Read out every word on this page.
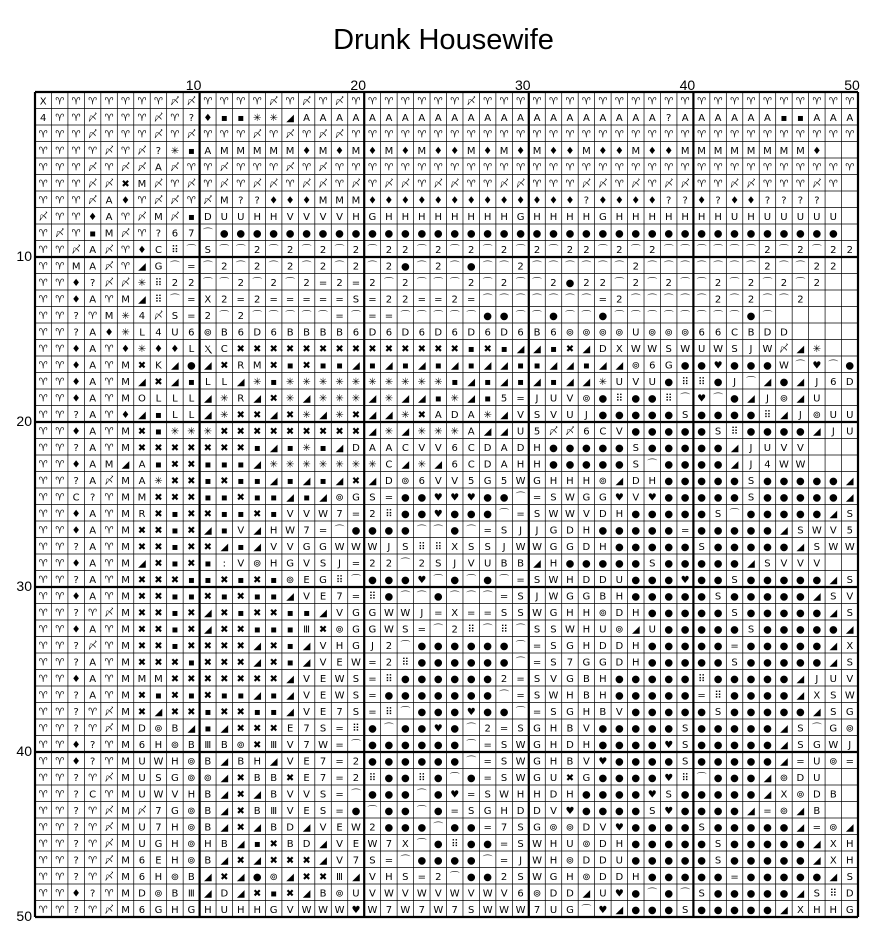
Drunk Housewife
X ♈ ♈ ♈ ♈ ♈ ♈ ♈ 〆 〆 ♈ ♈ ♈ ♈ 〆 ♈ 〆 ♈ 〆 ♈ ♈ ♈ ♈ ♈ ♈ ♈ 〆 ♈ ♈ ♈ ♈ ♈ ♈ ♈ ♈ ♈ ♈ ♈ ♈ ♈ ♈ ♈ ♈ ♈ ♈ ♈ ♈ ♈ ♈ ♈
4 ♈ ♈ 〆 ♈ ♈ ♈ 〆 ♈ ? ♦ ▪ ▪ ✳ ✳ ◢ A A A A A A A A A A A A A A A A A A A A A A ? A A A A A A ▪ ▪ A A A
♈ ♈ ♈ 〆 ♈ ♈ ♈ 〆 ♈ 〆 ♈ ♈ ♈ 〆 ♈ 〆 ♈ 〆 〆 ♈ ♈ ♈ ♈ ♈ ♈ ♈ ♈ ♈ ♈ ♈ ♈ ♈ ♈ ♈ ♈ ♈ ♈ ♈ ♈ ♈ ♈ ♈ ♈ ♈ ♈ ♈ ♈ ♈ ♈ ♈
♈ ♈ ♈ ♈ 〆 ♈ 〆 ? ✳ ▪ A M M M M M ♦ M ♦ M ♦ M ♦ M ♦ ♦ M ♦ M ♦ M ♦ ♦ M ♦ ♦ M ♦ ♦ M M M M M M M M ♦
♈ ♈ ♈ 〆 ♈ 〆 〆 A 〆 ♈ ♈ 〆 ♈ ♈ ♈ 〆 ♈ 〆 ♈ ♈ ♈ ♈ ♈ ♈ ♈ ♈ ♈ ♈ ♈ ♈ ♈ ♈ ♈ ♈ ♈ ♈ ♈ ♈ ♈ ♈ ♈ ♈ ♈ ♈ ♈ ♈ ♈ ♈ ♈ ♈
♈ ♈ ♈ 〆 〆 ✖ M 〆 ♈ 〆 ♈ 〆 ♈ 〆 〆 ♈ 〆 〆 ♈ 〆 ♈ 〆 〆 ♈ 〆 〆 ♈ ♈ 〆 〆 ♈ ♈ ♈ 〆 〆 ♈ 〆 ♈ 〆 〆 ♈ ♈ 〆 〆 ♈ ♈ ♈ 〆 ♈
♈ ♈ ♈ 〆 A ♦ ♈ 〆 〆 ♈ 〆 M ? ? ♦ ♦ ♦ M M M ♦ ♦ ♦ ♦ ♦ ♦ ♦ ♦ ♦ ♦ ♦ ♦ ♦ ? ♦ ♦ ♦ ♦ ? ? ♦ ? ♦ ♦ ? ? ? ?
〆 ♈ ♈ ♦ A ♈ 〆 M 〆 ▪ D U U H H V V V V H G H H H H H H H H G H H H H G H H H H H H H U H U U U U U
♈ 〆 ♈ ▪ M 〆 ♈ ? 6 7 ⌒ ● ● ● ● ● ● ● ● ● ● ● ● ● ● ● ● ● ● ● ● ● ● ● ● ● ● ● ● ● ● ● ● ● ● ● ● ● ●
♈ ♈ 〆 A 〆 ♈ ♦ C ⠿ ⌒ S ⌒ ⌒ 2 ⌒ 2 ⌒ 2 ⌒ 2 ⌒ 2 2 ⌒ 2 ⌒ 2 ⌒ 2 ⌒ 2 ⌒ 2 2 ⌒ 2 ⌒ 2 ⌒ ⌒ ⌒ ⌒ ⌒ ⌒ 2 ⌒ 2 ⌒ 2 2
♈ ♈ M A 〆 ♈ ◢ G ⌒ = ⌒ 2 ⌒ 2 ⌒ 2 ⌒ 2 ⌒ 2 ⌒ 2 ● ⌒ 2 ⌒ ● ⌒ ⌒ 2 ⌒ ⌒ ⌒ ⌒ ⌒ ⌒ 2 ⌒ ⌒ ⌒ ⌒ ⌒ ⌒ ⌒ 2 ⌒ ⌒ 2 2
♈ ♈ ♦ ? 〆 〆 ✳ ⠿ 2 2 ⌒ ⌒ 2 ⌒ 2 ⌒ 2 = 2 = 2 ⌒ 2 ⌒ ⌒ ⌒ 2 ⌒ 2 ⌒ ⌒ 2 ● 2 2 ⌒ 2 ⌒ 2 ⌒ ⌒ 2 ⌒ 2 ⌒ 2 ⌒ 2
♈ ♈ ♦ A ♈ M ◢ ⠿ ⌒ = X 2 = 2 = = = = = S = 2 2 = = 2 = ⌒ ⌒ ⌒ ⌒ ⌒ ⌒ ⌒ = 2 ⌒ ⌒ ⌒ ⌒ ⌒ 2 ⌒ 2 ⌒ ⌒ 2
♈ ♈ ? ♈ M ✳ 4 〆 S = 2 ⌒ 2 ⌒ ⌒ ⌒ ⌒ ⌒ = ⌒ = = ⌒ ⌒ ⌒ ⌒ ⌒ ● ● ⌒ ⌒ ● ⌒ ⌒ ● ⌒ ⌒ ⌒ ⌒ ⌒ ⌒ ⌒ ⌒ ● ⌒
♈ ♈ ? A ♦ ✳ L 4 U 6 ⊚ B 6 D 6 B B B B 6 D 6 D 6 D 6 D 6 D 6 B 6 ⊚ ⊚ ⊚ ⊚ U ⊚ ⊚ ⊚ 6 6 C B D D
♈ ♈ ♦ A ♈ ♦ ✳ ♦ ♦ L Ⲭ C ✖ ✖ ✖ ✖ ✖ ✖ ✖ ✖ ✖ ✖ ✖ ✖ ✖ ✖ ▪ ✖ ▪ ◢ ◢ ▪ ✖ ◢ D X W W S W U W S J W 〆 ◢ ✳
♈ ♈ ♦ A ♈ M ✖ K ◢ ● ◢ ✖ R M ✖ ▪ ✖ ▪ ▪ ◢ ▪ ◢ ▪ ◢ ▪ ◢ ▪ ◢ ◢ ▪ ▪ ◢ ◢ ▪ ◢ ◢ ⊚ 6 G ● ● ♥ ● ● ● W ⌒ ♥ ⌒ ●
♈ ♈ ♦ A ♈ M ◢ ✖ ◢ ▪ L L ◢ ✳ ▪ ✳ ✳ ✳ ✳ ✳ ✳ ✳ ✳ ✳ ✳ ▪ ◢ ▪ ◢ ▪ ◢ ▪ ◢ ◢ ✳ U V U ● ⠿ ⠿ ● J ⌒ ◢ ● ◢ J 6 D
♈ ♈ ♦ A ♈ M O L L L ◢ ✳ R ◢ ✖ ✳ ◢ ✳ ✳ ✳ ◢ ✳ ◢ ◢ ▪ ✳ ◢ ▪ 5 = J U V ⊚ ● ⠿ ● ● ⠿ ⌒ ♥ ⌒ ● ◢ J ⊚ ◢ U
♈ ♈ ? A ♈ ♦ ◢ ▪ L L ◢ ✳ ✖ ✖ ◢ ✖ ✳ ◢ ✳ ✖ ◢ ◢ ✳ ✖ A D A ✳ ◢ V S V U J ● ● ● ● ● S ● ● ● ● ⠿ ◢ J ⊚ U U
♈ ♈ ♦ A ♈ M ✖ ▪ ✳ ✳ ✳ ✖ ✖ ✖ ✖ ✖ ✖ ✖ ✖ ✖ ◢ ✳ ◢ ✳ ✳ ✳ A ◢ ◢ U 5 〆 〆 6 C V ● ● ● ● ● S ⠿ ● ● ● ● ◢ J U
♈ ♈ ? A ♈ M ✖ ✖ ✖ ✖ ✖ ✖ ✖ ▪ ◢ ▪ ✳ ▪ ◢ D A A C V V 6 C D A D H ● ● ● ● ● S ● ● ● ● ● ◢ J U V V
♈ ♈ ♦ A M ◢ A ▪ ✖ ✖ ▪ ▪ ▪ ◢ ✳ ✳ ✳ ✳ ✳ ✳ ✳ C ◢ ✳ ◢ 6 C D A H H ● ● ● ● ● S ⌒ ● ● ● ● ◢ J 4 W W
♈ ♈ ? A 〆 M A ✳ ✖ ✖ ▪ ✖ ▪ ▪ ◢ ▪ ◢ ▪ ◢ ✖ ◢ D ⊚ 6 V V 5 G 5 W G H H H ⊚ ◢ D H ● ● ● ● ● S ● ● ● ● ● ◢
♈ ♈ C ? ♈ M M ✖ ✖ ✖ ▪ ▪ ✖ ▪ ▪ ◢ ▪ ◢ ⊚ G S = ● ● ♥ ♥ ♥ ● ● ⌒ = S W G G ♥ V ♥ ● ● ● ● ● S ● ● ● ● ● ◢
♈ ♈ ♦ A ♈ M R ✖ ▪ ✖ ✖ ▪ ▪ ✖ ▪ V V W 7 = 2 ⠿ ● ● ♥ ● ● ● ⌒ = S W W V D H ● ● ● ● ● S ⌒ ● ● ● ● ● ◢ S
♈ ♈ ♦ A ♈ M ✖ ✖ ▪ ✖ ◢ ▪ V ◢ H W 7 = ⌒ ● ● ● ● ⌒ ⌒ ● ⌒ = S J J G D H ● ● ● ● ● = ● ● ● ● ● ◢ S W V 5
♈ ♈ ? A ♈ M ✖ ✖ ▪ ✖ ✖ ◢ ▪ ◢ V V G G W W W J S ⠿ ⠿ X S S J W W G G D H ● ● ● ● ● S ● ● ● ● ● ◢ S W W
♈ ♈ ♦ A ♈ M ◢ ✖ ▪ ✖ ▪ : V ⊚ H G V S J = 2 2 ⌒ 2 S J V U B B ◢ H ● ● ● ● ● S ● ● ● ● ● ◢ S V V V
♈ ♈ ? A ♈ M ✖ ✖ ✖ ▪ ▪ ✖ ▪ ✖ ▪ ⊚ E G ⠿ ⌒ ● ● ● ♥ ⌒ ● ⌒ ● ⌒ = S W H D D U ● ● ● ♥ ● ● S ● ● ● ● ● ◢ S
♈ ♈ ♦ A ♈ M ✖ ✖ ▪ ▪ ✖ ▪ ✖ ▪ ▪ ◢ V E 7 = ⠿ ● ⌒ ⌒ ● ⌒ ⌒ ⌒ = S J W G G B H ● ● ● ● ● S ● ● ● ● ● ◢ S V
♈ ♈ ? ♈ 〆 M ✖ ✖ ▪ ✖ ◢ ✖ ▪ ✖ ✖ ▪ ▪ ◢ V G G W W J = X = = S S W G H H ⊚ D H ● ● ● ● ● S ● ● ● ● ● ◢ S
♈ ♈ ♦ A ♈ M ✖ ✖ ▪ ✖ ◢ ✖ ✖ ▪ ▪ ▪ Ⅲ ✖ ⊚ G G W S = ⌒ 2 ⠿ ⌒ ⠿ ⌒ S S W H U ⊚ ◢ U ● ● ● ● ● S ● ● ● ● ● ◢
♈ ♈ ? 〆 ♈ M ✖ ✖ ▪ ✖ ✖ ✖ ✖ ◢ ✖ ▪ ◢ V H G J 2 ⌒ ● ● ● ● ● ● ⌒ = S G H D D H ● ● ● ● ● = ● ● ● ● ● ◢ X
♈ ♈ ? A ♈ M ✖ ✖ ✖ ▪ ✖ ✖ ✖ ◢ ✖ ▪ ◢ V E W = 2 ⠿ ● ● ● ● ● ● ⌒ = S 7 G G D H ● ● ● ● ● S ● ● ● ● ● ◢ S
♈ ♈ ♦ A ♈ M M M ✖ ✖ ✖ ✖ ✖ ✖ ✖ ◢ V E W S = ⠿ ● ● ● ● ● ● 2 = S V G B H ● ● ● ● ● ⠿ ● ● ● ● ● ◢ J U V
♈ ♈ ? A ♈ M ✖ ▪ ✖ ▪ ✖ ▪ ▪ ◢ ▪ ◢ V E W S = ● ● ● ● ● ● ● ⌒ = S W H B H ● ● ● ● ● = ⠿ ● ● ● ● ◢ X S W
♈ ♈ ? ♈ 〆 M ✖ ◢ ✖ ✖ ▪ ✖ ✖ ▪ ▪ ◢ V E 7 S = ⠿ ⌒ ● ● ● ♥ ● ● ⌒ = S G H B V ● ● ● ● ● S ● ● ● ● ● ◢ S G
♈ ♈ ? ♈ 〆 M D ⊚ B ◢ ▪ ◢ ✖ ✖ ✖ E 7 S = ⠿ ● ⌒ ● ● ♥ ● ⌒ 2 = S G H B V ● ● ● ● ● S ● ● ● ● ● ◢ S ⌒ G ⊚
♈ ♈ ♦ ? ♈ M 6 H ⊚ B Ⅲ B ⊚ ✖ Ⅲ V 7 W = ⌒ ● ● ● ● ● ● ⌒ = S W G H D H ● ● ● ● ♥ S ● ● ● ● ● ◢ S G W J
♈ ♈ ♦ ? ♈ M U W H ⊚ B ◢ B H ◢ V E 7 = 2 ● ● ● ● ● ● ⌒ = S W G H B V ♥ ● ● ● ● S ● ● ● ● ● ◢ = U ⊚ =
♈ ♈ ? ♈ 〆 M U S G ⊚ ⊚ ◢ ✖ B B ✖ E 7 = 2 ⠿ ● ● ⠿ ● ⌒ ● = S W G U ✖ G ● ● ● ● ♥ ⠿ ⌒ ● ● ● ◢ ⊚ D U
♈ ♈ ? C ♈ M U W V H B ◢ ✖ ◢ B V V S = ⌒ ● ● ● ⌒ ● ♥ = S W H H D H ● ● ● ● ♥ S ● ● ● ● ● ◢ X ⊚ D B
♈ ♈ ? ♈ 〆 M 〆 7 G ⊚ B ◢ ✖ B Ⅲ V E S = ● ⌒ ● ● ⌒ ● = S G H D D V ♥ ● ● ● ● S ♥ ● ● ● ● ◢ = ⊚ ◢ B
♈ ♈ ? ♈ 〆 M U 7 H ⊚ B ◢ ✖ ◢ B D ◢ V E W 2 ● ● ● ⌒ ● ● = 7 S G ⊚ ⊚ D V ♥ ● ● ● ● S ● ● ● ● ● ◢ = ⊚ ◢
♈ ♈ ? ♈ 〆 M U G H ⊚ H B ◢ ▪ ✖ B D ◢ V E W 7 X ⌒ ● ⠿ ● ● = S W H U ⊚ D H ● ● ● ● ● S ● ● ● ● ● ◢ X H
♈ ♈ ? ♈ 〆 M 6 E H ⊚ B ◢ ✖ ◢ ✖ ✖ ✖ ◢ V 7 S = ⌒ ● ● ● ● ⌒ = J W H ⊚ D D U ● ● ● ● ● S ● ● ● ● ● ◢ X H
♈ ♈ ? ♈ 〆 M 6 H ⊚ B ◢ ✖ ◢ ● ⊚ ◢ ✖ ✖ Ⅲ ◢ V H S = 2 ⌒ ● ● 2 S W G H ⊚ D D H ● ● ● ● ● = ● ● ● ● ● ◢ S
♈ ♈ ♦ ? ♈ M D ⊚ B Ⅲ ◢ D ◢ ✖ ▪ ✖ ◢ B ⊚ U V W V W V W V W V 6 ⊚ D D ◢ U ♥ ● ⌒ ● ⌒ S ● ● ● ● ● ◢ S ⠿ D
♈ ♈ ? ♈ 〆 M 6 G H G H U H H G V W W W ♥ W 7 W 7 W 7 S W W W 7 U G ⌒ ♥ ◢ ● ● ● S ● ● ● ● ● ◢ X H H G
10	20	30	40	50
10
20
30
40
50
